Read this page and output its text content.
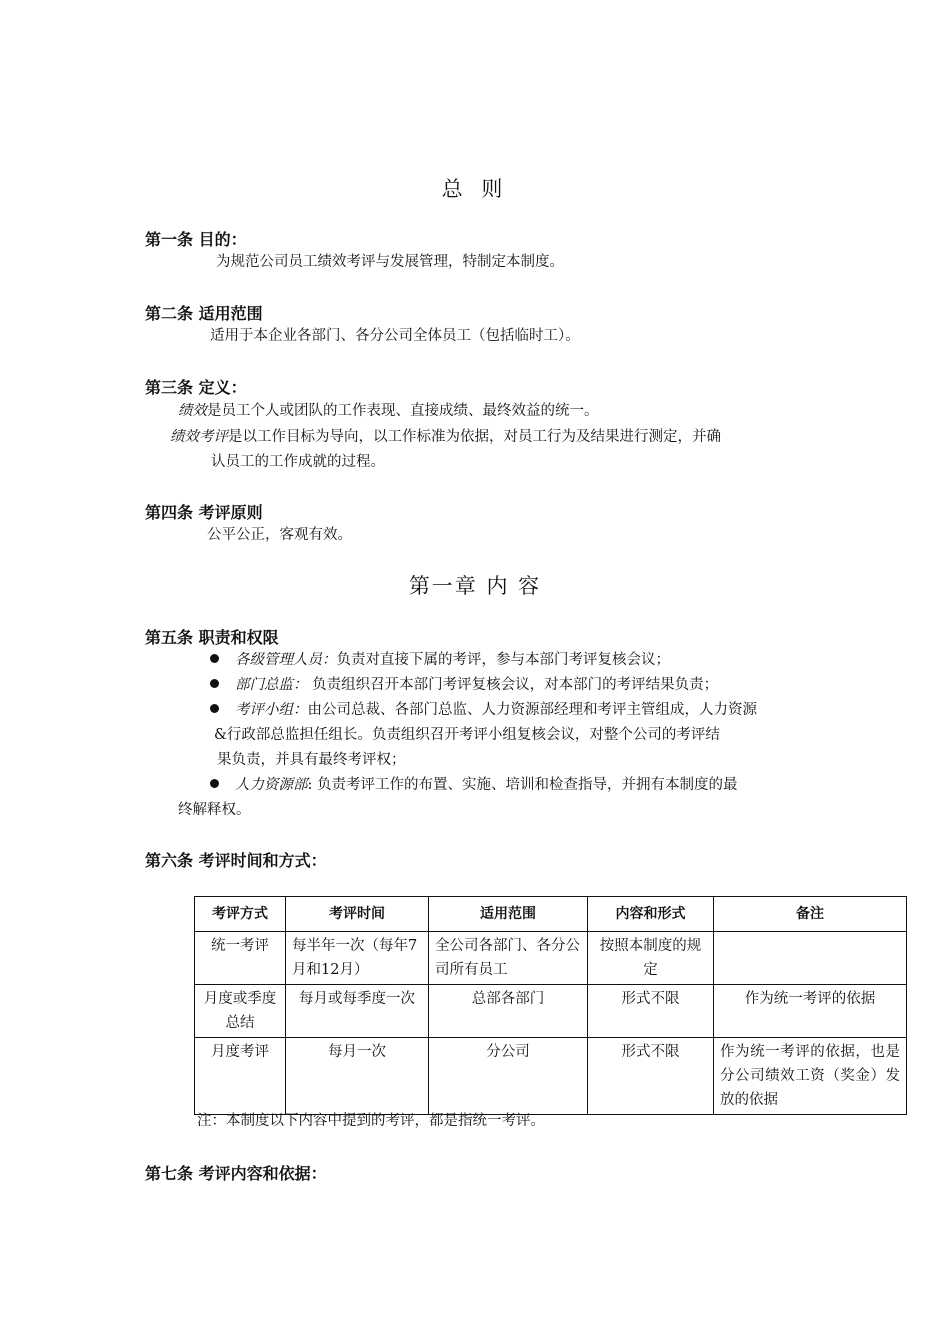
总 则
第一条 目的：
为规范公司员工绩效考评与发展管理，特制定本制度。
第二条 适用范围
适用于本企业各部门、各分公司全体员工（包括临时工）。
第三条 定义：
绩效是员工个人或团队的工作表现、直接成绩、最终效益的统一。
绩效考评是以工作目标为导向，以工作标准为依据，对员工行为及结果进行测定，并确
认员工的工作成就的过程。
第四条 考评原则
公平公正，客观有效。
第一章 内 容
第五条 职责和权限
各级管理人员：负责对直接下属的考评，参与本部门考评复核会议；
部门总监： 负责组织召开本部门考评复核会议，对本部门的考评结果负责；
考评小组：由公司总裁、各部门总监、人力资源部经理和考评主管组成，人力资源
&行政部总监担任组长。负责组织召开考评小组复核会议，对整个公司的考评结
果负责，并具有最终考评权；
人力资源部: 负责考评工作的布置、实施、培训和检查指导，并拥有本制度的最
终解释权。
第六条 考评时间和方式：
考评方式	考评时间	适用范围	内容和形式	备注
统一考评	每半年一次（每年7月和12月）	全公司各部门、各分公司所有员工	按照本制度的规定	
月度或季度总结	每月或每季度一次	总部各部门	形式不限	作为统一考评的依据
月度考评	每月一次	分公司	形式不限	作为统一考评的依据，也是分公司绩效工资（奖金）发放的依据
注：本制度以下内容中提到的考评，都是指统一考评。
第七条 考评内容和依据：
